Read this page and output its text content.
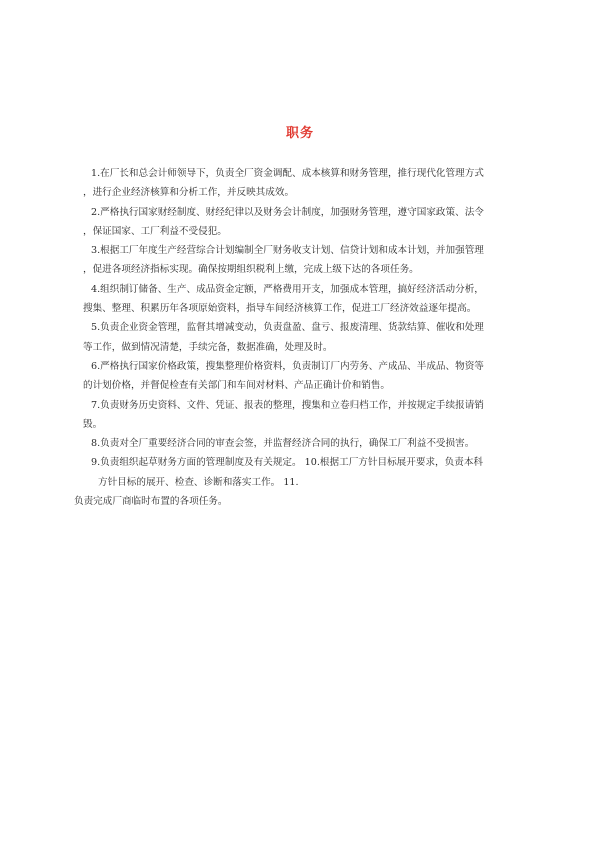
职务
1.在厂长和总会计师领导下，负责全厂资金调配、成本核算和财务管理，推行现代化管理方式
，进行企业经济核算和分析工作，并反映其成效。
2.严格执行国家财经制度、财经纪律以及财务会计制度，加强财务管理，遵守国家政策、法令
，保证国家、工厂利益不受侵犯。
3.根据工厂年度生产经营综合计划编制全厂财务收支计划、信贷计划和成本计划，并加强管理
，促进各项经济指标实现。确保按期组织税利上缴，完成上级下达的各项任务。
4.组织制订储备、生产、成品资金定额，严格费用开支，加强成本管理，搞好经济活动分析，
搜集、整理、积累历年各项原始资料，指导车间经济核算工作，促进工厂经济效益逐年提高。
5.负责企业资金管理，监督其增减变动，负责盘盈、盘亏、报废清理、货款结算、催收和处理
等工作，做到情况清楚，手续完备，数据准确，处理及时。
6.严格执行国家价格政策，搜集整理价格资料，负责制订厂内劳务、产成品、半成品、物资等
的计划价格，并督促检查有关部门和车间对材料、产品正确计价和销售。
7.负责财务历史资料、文件、凭证、报表的整理，搜集和立卷归档工作，并按规定手续报请销
毁。
8.负责对全厂重要经济合同的审查会签，并监督经济合同的执行，确保工厂利益不受损害。
9.负责组织起草财务方面的管理制度及有关规定。 10.根据工厂方针目标展开要求，负责本科
方针目标的展开、检查、诊断和落实工作。 11.
负责完成厂商临时布置的各项任务。
